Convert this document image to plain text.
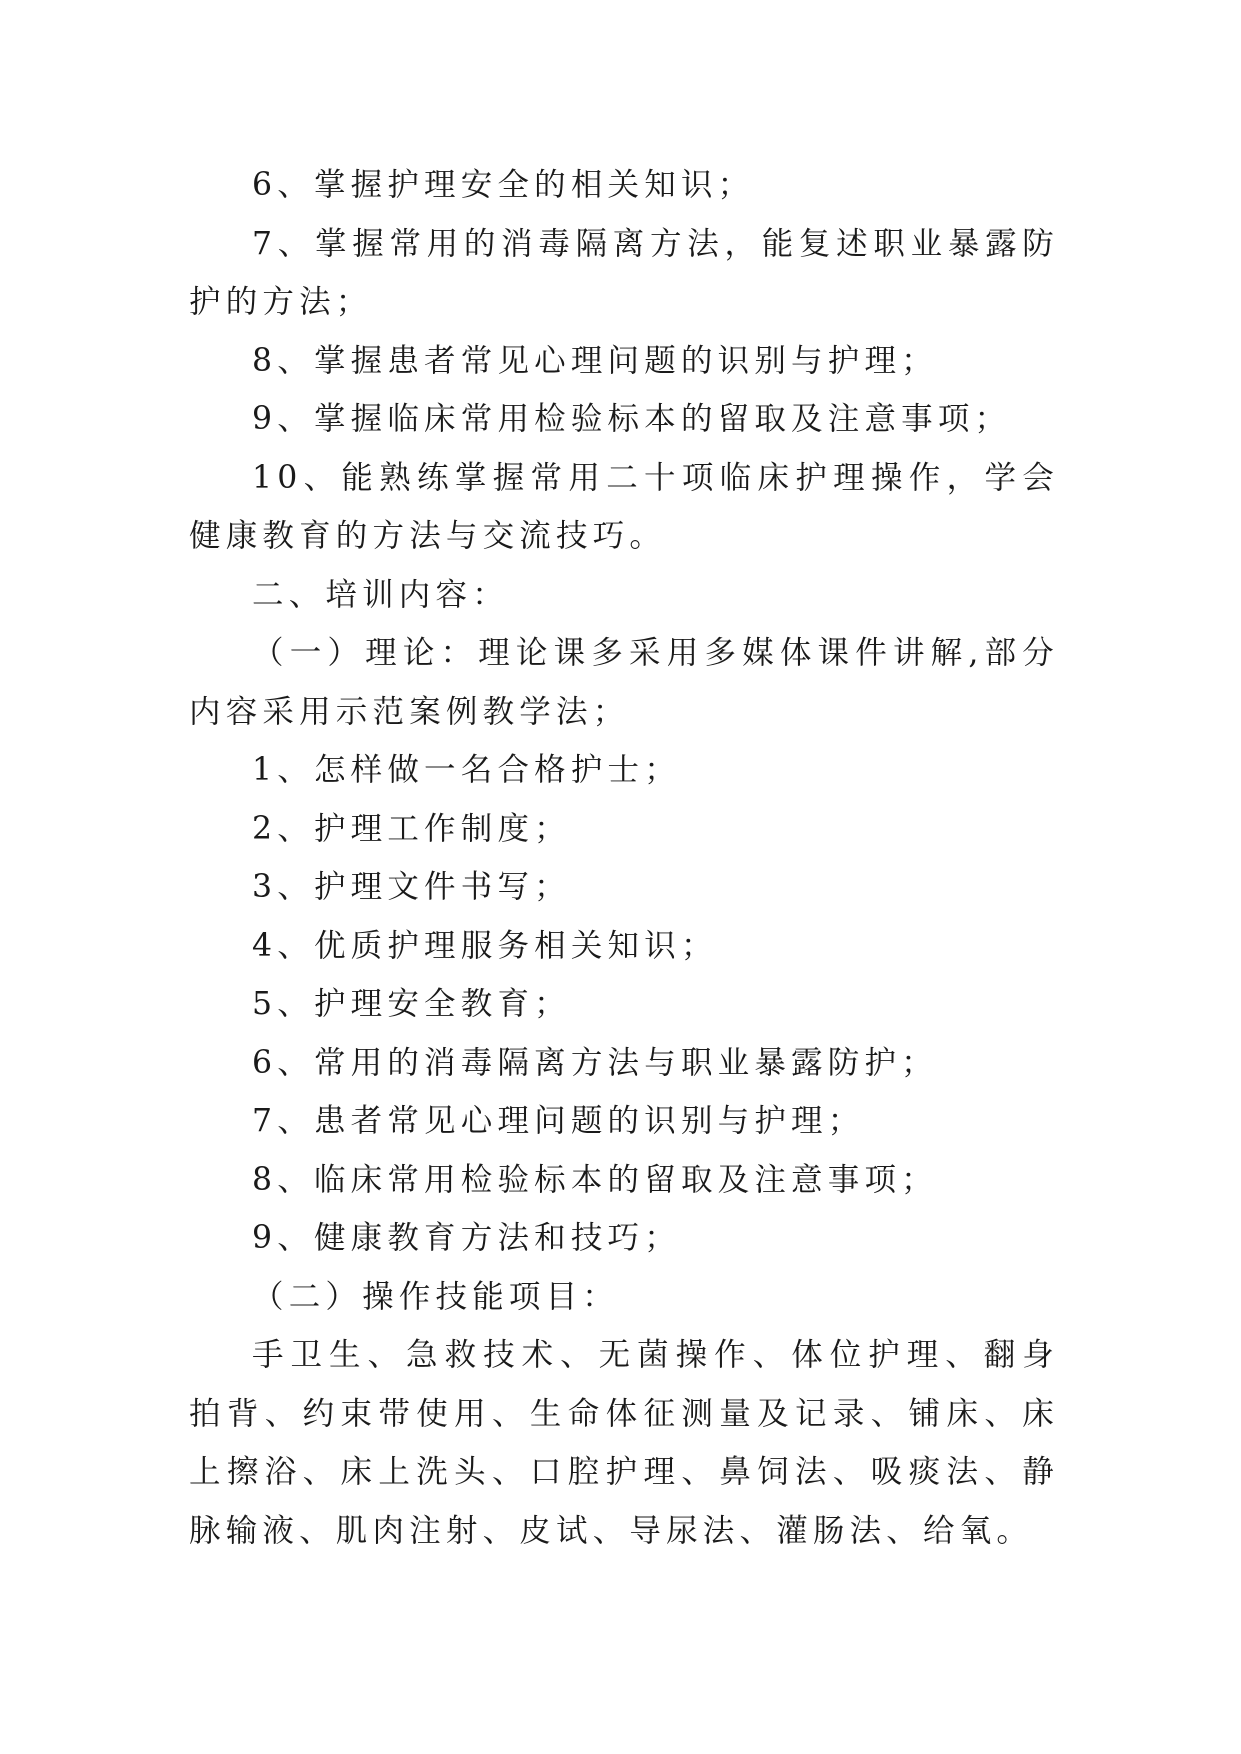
6、掌握护理安全的相关知识；

7、掌握常用的消毒隔离方法，能复述职业暴露防护的方法；

8、掌握患者常见心理问题的识别与护理；

9、掌握临床常用检验标本的留取及注意事项；

10、能熟练掌握常用二十项临床护理操作，学会健康教育的方法与交流技巧。

二、培训内容：

（一）理论：理论课多采用多媒体课件讲解,部分内容采用示范案例教学法；

1、怎样做一名合格护士；

2、护理工作制度；

3、护理文件书写；

4、优质护理服务相关知识；

5、护理安全教育；

6、常用的消毒隔离方法与职业暴露防护；

7、患者常见心理问题的识别与护理；

8、临床常用检验标本的留取及注意事项；

9、健康教育方法和技巧；

（二）操作技能项目：

手卫生、急救技术、无菌操作、体位护理、翻身拍背、约束带使用、生命体征测量及记录、铺床、床上擦浴、床上洗头、口腔护理、鼻饲法、吸痰法、静脉输液、肌肉注射、皮试、导尿法、灌肠法、给氧。
